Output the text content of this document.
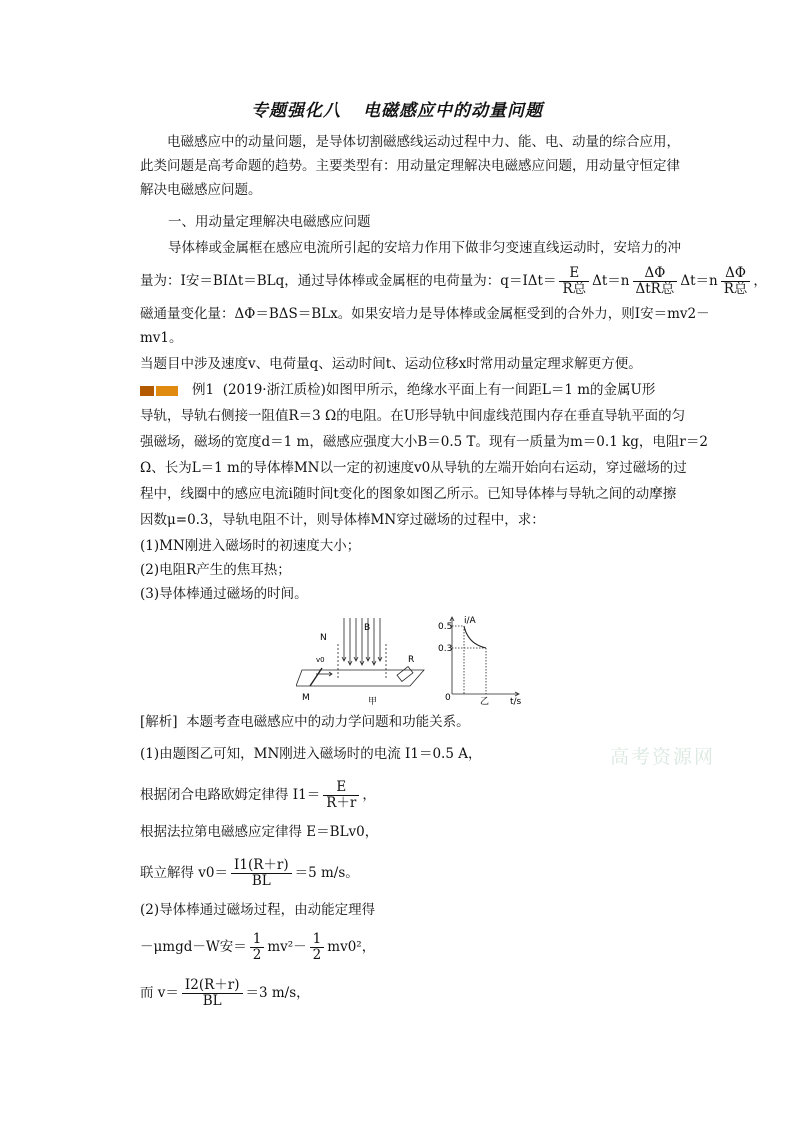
专题强化八 电磁感应中的动量问题
电磁感应中的动量问题，是导体切割磁感线运动过程中力、能、电、动量的综合应用，此类问题是高考命题的趋势。主要类型有：用动量定理解决电磁感应问题，用动量守恒定律解决电磁感应问题。
一、用动量定理解决电磁感应问题
导体棒或金属框在感应电流所引起的安培力作用下做非匀变速直线运动时，安培力的冲
量为：I安＝BIΔt＝BLq，通过导体棒或金属框的电荷量为：$q=I\Delta t= \frac{E}{\text{R总}} \Delta t=n \frac{\Delta\Phi}{\text{ΔtR总}} \Delta t=n \frac{\Delta\Phi}{\text{R总}}$ ，
磁通量变化量：ΔΦ＝BΔS＝BLx。如果安培力是导体棒或金属框受到的合外力，则I安＝mv2－
mv1。
当题目中涉及速度v、电荷量q、运动时间t、运动位移x时常用动量定理求解更方便。
例1 (2019·浙江质检)如图甲所示，绝缘水平面上有一间距L＝1 m的金属U形
导轨，导轨右侧接一阻值R＝3 Ω的电阻。在U形导轨中间虚线范围内存在垂直导轨平面的匀
强磁场，磁场的宽度d＝1 m，磁感应强度大小B＝0.5 T。现有一质量为m＝0.1 kg，电阻r＝2
Ω、长为L＝1 m的导体棒MN以一定的初速度v0从导轨的左端开始向右运动，穿过磁场的过
程中，线圈中的感应电流i随时间t变化的图象如图乙所示。已知导体棒与导轨之间的动摩擦
因数μ=0.3，导轨电阻不计，则导体棒MN穿过磁场的过程中，求：
(1)MN刚进入磁场时的初速度大小；
(2)电阻R产生的焦耳热；
(3)导体棒通过磁场的时间。
N
M
B
R
v0
甲
i/A
t/s
0.5
0.3
0	乙
[解析] 本题考查电磁感应中的动力学问题和功能关系。
(1)由题图乙可知，MN刚进入磁场时的电流 I1＝0.5 A，
根据闭合电路欧姆定律得 $I1= \frac{E}{R+r}$ ，
根据法拉第电磁感应定律得 E＝BLv0，
联立解得 $v0= \frac{I1(R+r)}{BL} =5$ m/s。
(2)导体棒通过磁场过程，由动能定理得
－μmgd－W安＝ $\frac{1}{2} mv^2- \frac{1}{2} mv0^2$，
而 $v= \frac{I2(R+r)}{BL} =3$ m/s，
高考资源网
